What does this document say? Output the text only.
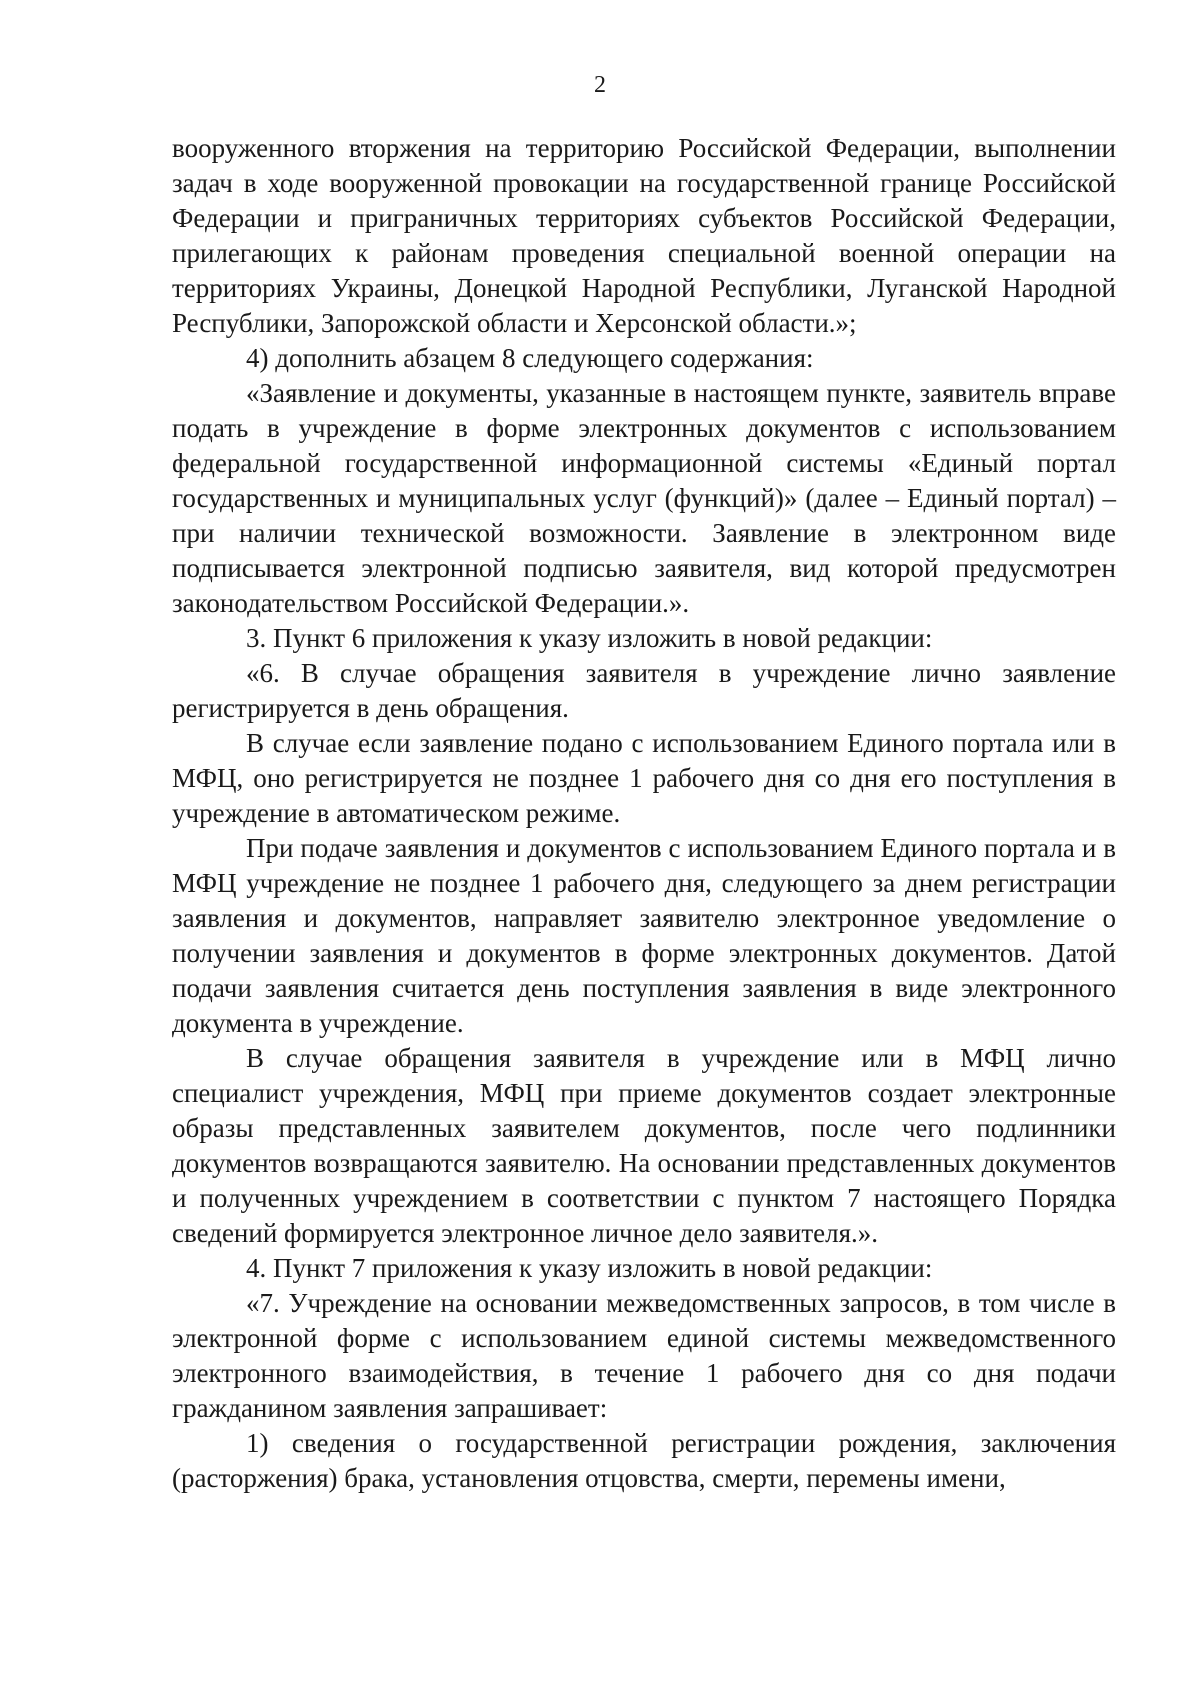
2

вооруженного вторжения на территорию Российской Федерации, выполнении задач в ходе вооруженной провокации на государственной границе Российской Федерации и приграничных территориях субъектов Российской Федерации, прилегающих к районам проведения специальной военной операции на территориях Украины, Донецкой Народной Республики, Луганской Народной Республики, Запорожской области и Херсонской области.»;

4) дополнить абзацем 8 следующего содержания:

«Заявление и документы, указанные в настоящем пункте, заявитель вправе подать в учреждение в форме электронных документов с использованием федеральной государственной информационной системы «Единый портал государственных и муниципальных услуг (функций)» (далее – Единый портал) – при наличии технической возможности. Заявление в электронном виде подписывается электронной подписью заявителя, вид которой предусмотрен законодательством Российской Федерации.».

3. Пункт 6 приложения к указу изложить в новой редакции:

«6. В случае обращения заявителя в учреждение лично заявление регистрируется в день обращения.

В случае если заявление подано с использованием Единого портала или в МФЦ, оно регистрируется не позднее 1 рабочего дня со дня его поступления в учреждение в автоматическом режиме.

При подаче заявления и документов с использованием Единого портала и в МФЦ учреждение не позднее 1 рабочего дня, следующего за днем регистрации заявления и документов, направляет заявителю электронное уведомление о получении заявления и документов в форме электронных документов. Датой подачи заявления считается день поступления заявления в виде электронного документа в учреждение.

В случае обращения заявителя в учреждение или в МФЦ лично специалист учреждения, МФЦ при приеме документов создает электронные образы представленных заявителем документов, после чего подлинники документов возвращаются заявителю. На основании представленных документов и полученных учреждением в соответствии с пунктом 7 настоящего Порядка сведений формируется электронное личное дело заявителя.».

4. Пункт 7 приложения к указу изложить в новой редакции:

«7. Учреждение на основании межведомственных запросов, в том числе в электронной форме с использованием единой системы межведомственного электронного взаимодействия, в течение 1 рабочего дня со дня подачи гражданином заявления запрашивает:

1) сведения о государственной регистрации рождения, заключения (расторжения) брака, установления отцовства, смерти, перемены имени,
